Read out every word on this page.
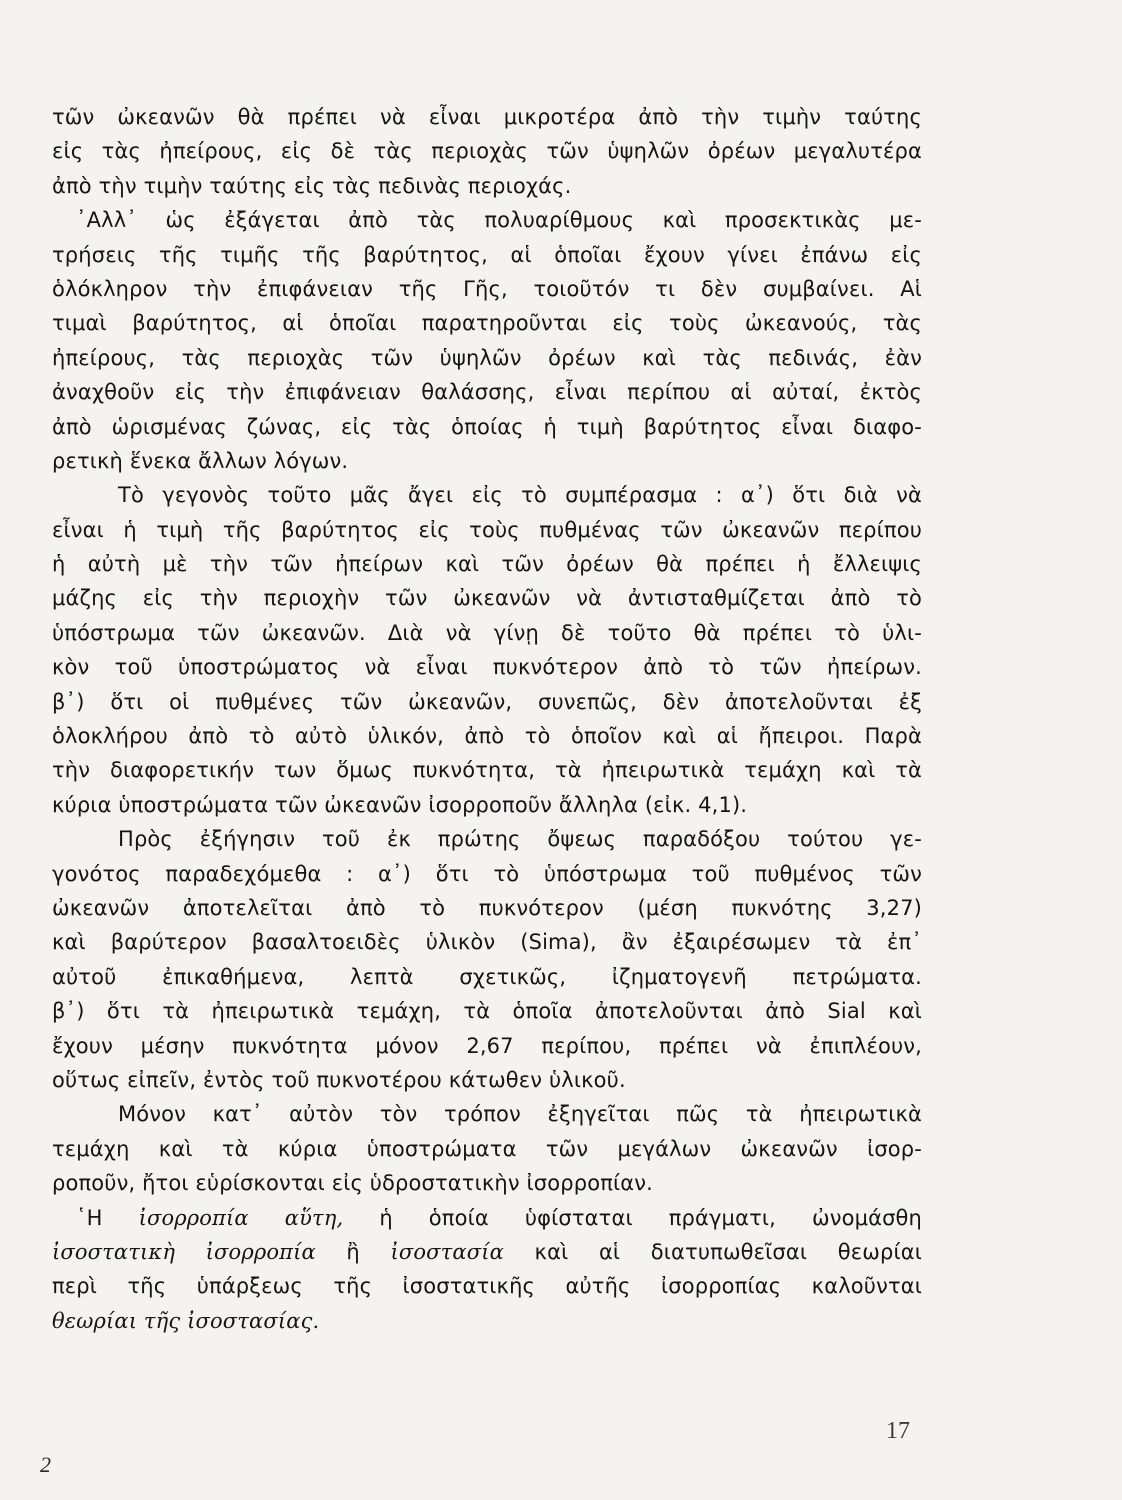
τῶν ὠκεανῶν θὰ πρέπει νὰ εἶναι μικροτέρα ἀπὸ τὴν τιμὴν ταύτης
εἰς τὰς ἠπείρους, εἰς δὲ τὰς περιοχὰς τῶν ὑψηλῶν ὀρέων μεγαλυτέρα
ἀπὸ τὴν τιμὴν ταύτης εἰς τὰς πεδινὰς περιοχάς.
᾿Αλλ᾿ ὡς ἐξάγεται ἀπὸ τὰς πολυαρίθμους καὶ προσεκτικὰς με-
τρήσεις τῆς τιμῆς τῆς βαρύτητος, αἱ ὁποῖαι ἔχουν γίνει ἐπάνω εἰς
ὁλόκληρον τὴν ἐπιφάνειαν τῆς Γῆς, τοιοῦτόν τι δὲν συμβαίνει. Αἱ
τιμαὶ βαρύτητος, αἱ ὁποῖαι παρατηροῦνται εἰς τοὺς ὠκεανούς, τὰς
ἠπείρους, τὰς περιοχὰς τῶν ὑψηλῶν ὀρέων καὶ τὰς πεδινάς, ἐὰν
ἀναχθοῦν εἰς τὴν ἐπιφάνειαν θαλάσσης, εἶναι περίπου αἱ αὐταί, ἐκτὸς
ἀπὸ ὡρισμένας ζώνας, εἰς τὰς ὁποίας ἡ τιμὴ βαρύτητος εἶναι διαφο-
ρετικὴ ἕνεκα ἄλλων λόγων.
Τὸ γεγονὸς τοῦτο μᾶς ἄγει εἰς τὸ συμπέρασμα : α᾿) ὅτι διὰ νὰ
εἶναι ἡ τιμὴ τῆς βαρύτητος εἰς τοὺς πυθμένας τῶν ὠκεανῶν περίπου
ἡ αὐτὴ μὲ τὴν τῶν ἠπείρων καὶ τῶν ὀρέων θὰ πρέπει ἡ ἔλλειψις
μάζης εἰς τὴν περιοχὴν τῶν ὠκεανῶν νὰ ἀντισταθμίζεται ἀπὸ τὸ
ὑπόστρωμα τῶν ὠκεανῶν. Διὰ νὰ γίνῃ δὲ τοῦτο θὰ πρέπει τὸ ὑλι-
κὸν τοῦ ὑποστρώματος νὰ εἶναι πυκνότερον ἀπὸ τὸ τῶν ἠπείρων.
β᾿) ὅτι οἱ πυθμένες τῶν ὠκεανῶν, συνεπῶς, δὲν ἀποτελοῦνται ἐξ
ὁλοκλήρου ἀπὸ τὸ αὐτὸ ὑλικόν, ἀπὸ τὸ ὁποῖον καὶ αἱ ἤπειροι. Παρὰ
τὴν διαφορετικήν των ὅμως πυκνότητα, τὰ ἠπειρωτικὰ τεμάχη καὶ τὰ
κύρια ὑποστρώματα τῶν ὠκεανῶν ἰσορροποῦν ἄλληλα (εἰκ. 4,1).
Πρὸς ἐξήγησιν τοῦ ἐκ πρώτης ὄψεως παραδόξου τούτου γε-
γονότος παραδεχόμεθα : α᾿) ὅτι τὸ ὑπόστρωμα τοῦ πυθμένος τῶν
ὠκεανῶν ἀποτελεῖται ἀπὸ τὸ πυκνότερον (μέση πυκνότης 3,27)
καὶ βαρύτερον βασαλτοειδὲς ὑλικὸν (Sima), ἂν ἐξαιρέσωμεν τὰ ἐπ᾿
αὐτοῦ ἐπικαθήμενα, λεπτὰ σχετικῶς, ἰζηματογενῆ πετρώματα.
β᾿) ὅτι τὰ ἠπειρωτικὰ τεμάχη, τὰ ὁποῖα ἀποτελοῦνται ἀπὸ Sial καὶ
ἔχουν μέσην πυκνότητα μόνον 2,67 περίπου, πρέπει νὰ ἐπιπλέουν,
οὕτως εἰπεῖν, ἐντὸς τοῦ πυκνοτέρου κάτωθεν ὑλικοῦ.
Μόνον κατ᾿ αὐτὸν τὸν τρόπον ἐξηγεῖται πῶς τὰ ἠπειρωτικὰ
τεμάχη καὶ τὰ κύρια ὑποστρώματα τῶν μεγάλων ὠκεανῶν ἰσορ-
ροποῦν, ἤτοι εὑρίσκονται εἰς ὑδροστατικὴν ἰσορροπίαν.
῾Η ἰσορροπία αὕτη, ἡ ὁποία ὑφίσταται πράγματι, ὠνομάσθη
ἰσοστατικὴ ἰσορροπία ἢ ἰσοστασία καὶ αἱ διατυπωθεῖσαι θεωρίαι
περὶ τῆς ὑπάρξεως τῆς ἰσοστατικῆς αὐτῆς ἰσορροπίας καλοῦνται
θεωρίαι τῆς ἰσοστασίας.
17
2
